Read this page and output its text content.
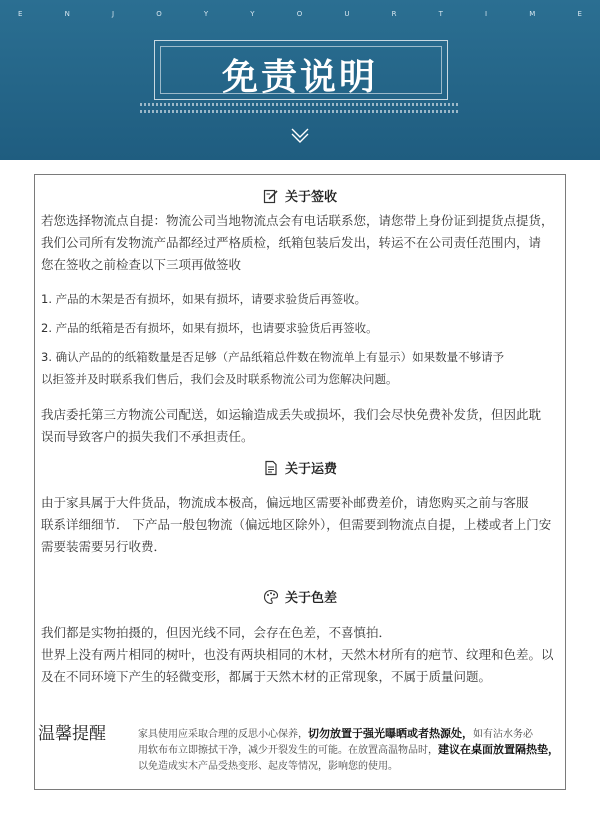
E	N	J	O	Y	Y	O	U	R	T	I	M	E
免责说明
关于签收
若您选择物流点自提：物流公司当地物流点会有电话联系您，请您带上身份证到提货点提货，
我们公司所有发物流产品都经过严格质检，纸箱包装后发出，转运不在公司责任范围内，请
您在签收之前检查以下三项再做签收
1. 产品的木架是否有损坏，如果有损坏，请要求验货后再签收。
2. 产品的纸箱是否有损坏，如果有损坏，也请要求验货后再签收。
3. 确认产品的的纸箱数量是否足够（产品纸箱总件数在物流单上有显示）如果数量不够请予
以拒签并及时联系我们售后，我们会及时联系物流公司为您解决问题。
我店委托第三方物流公司配送，如运输造成丢失或损坏，我们会尽快免费补发货，但因此耽
误而导致客户的损失我们不承担责任。
关于运费
由于家具属于大件货品，物流成本极高，偏远地区需要补邮费差价，请您购买之前与客服
联系详细细节． 下产品一般包物流（偏远地区除外），但需要到物流点自提，上楼或者上门安
需要装需要另行收费．
关于色差
我们都是实物拍摄的，但因光线不同，会存在色差，不喜慎拍．
世界上没有两片相同的树叶，也没有两块相同的木材，天然木材所有的疤节、纹理和色差。以
及在不同环境下产生的轻微变形，都属于天然木材的正常现象，不属于质量问题。
温馨提醒	家具使用应采取合理的反思小心保养，切勿放置于强光曝晒或者热源处，如有沾水务必
用软布布立即擦拭干净，减少开裂发生的可能。在放置高温物品时，建议在桌面放置隔热垫，
以免造成实木产品受热变形、起皮等情况，影响您的使用。
